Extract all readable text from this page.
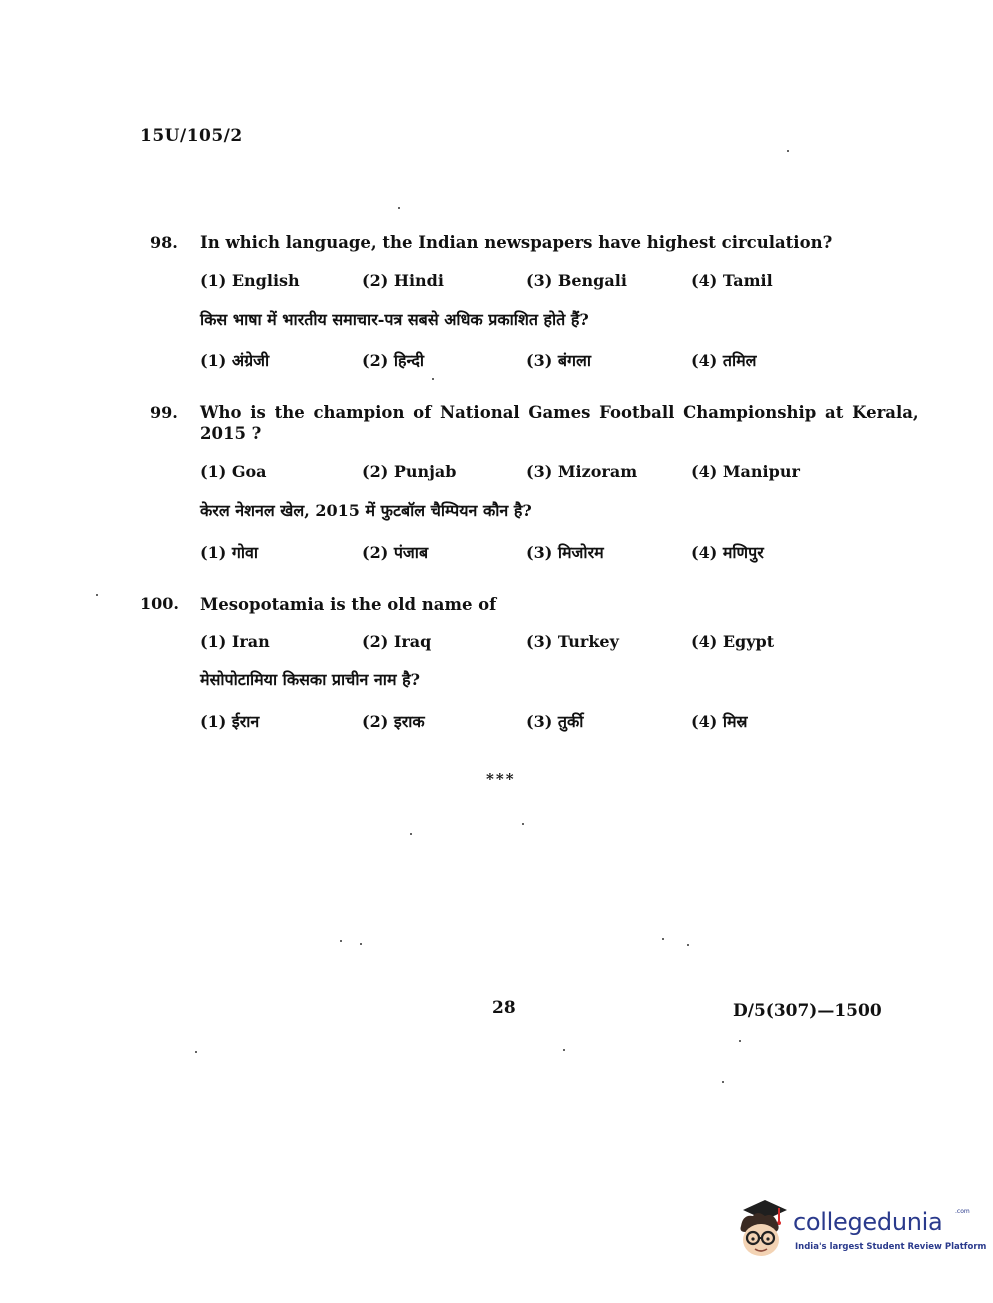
15U/105/2
98. In which language, the Indian newspapers have highest circulation?
(1) English	(2) Hindi	(3) Bengali	(4) Tamil
किस भाषा में भारतीय समाचार-पत्र सबसे अधिक प्रकाशित होते हैं?
(1) अंग्रेजी	(2) हिन्दी	(3) बंगला	(4) तमिल
99. Who is the champion of National Games Football Championship at Kerala,
2015 ?
(1) Goa	(2) Punjab	(3) Mizoram	(4) Manipur
केरल नेशनल खेल, 2015 में फुटबॉल चैम्पियन कौन है?
(1) गोवा	(2) पंजाब	(3) मिजोरम	(4) मणिपुर
100. Mesopotamia is the old name of
(1) Iran	(2) Iraq	(3) Turkey	(4) Egypt
मेसोपोटामिया किसका प्राचीन नाम है?
(1) ईरान	(2) इराक	(3) तुर्की	(4) मिस्र
***
28	D/5(307)—1500
collegedunia .com
India's largest Student Review Platform
